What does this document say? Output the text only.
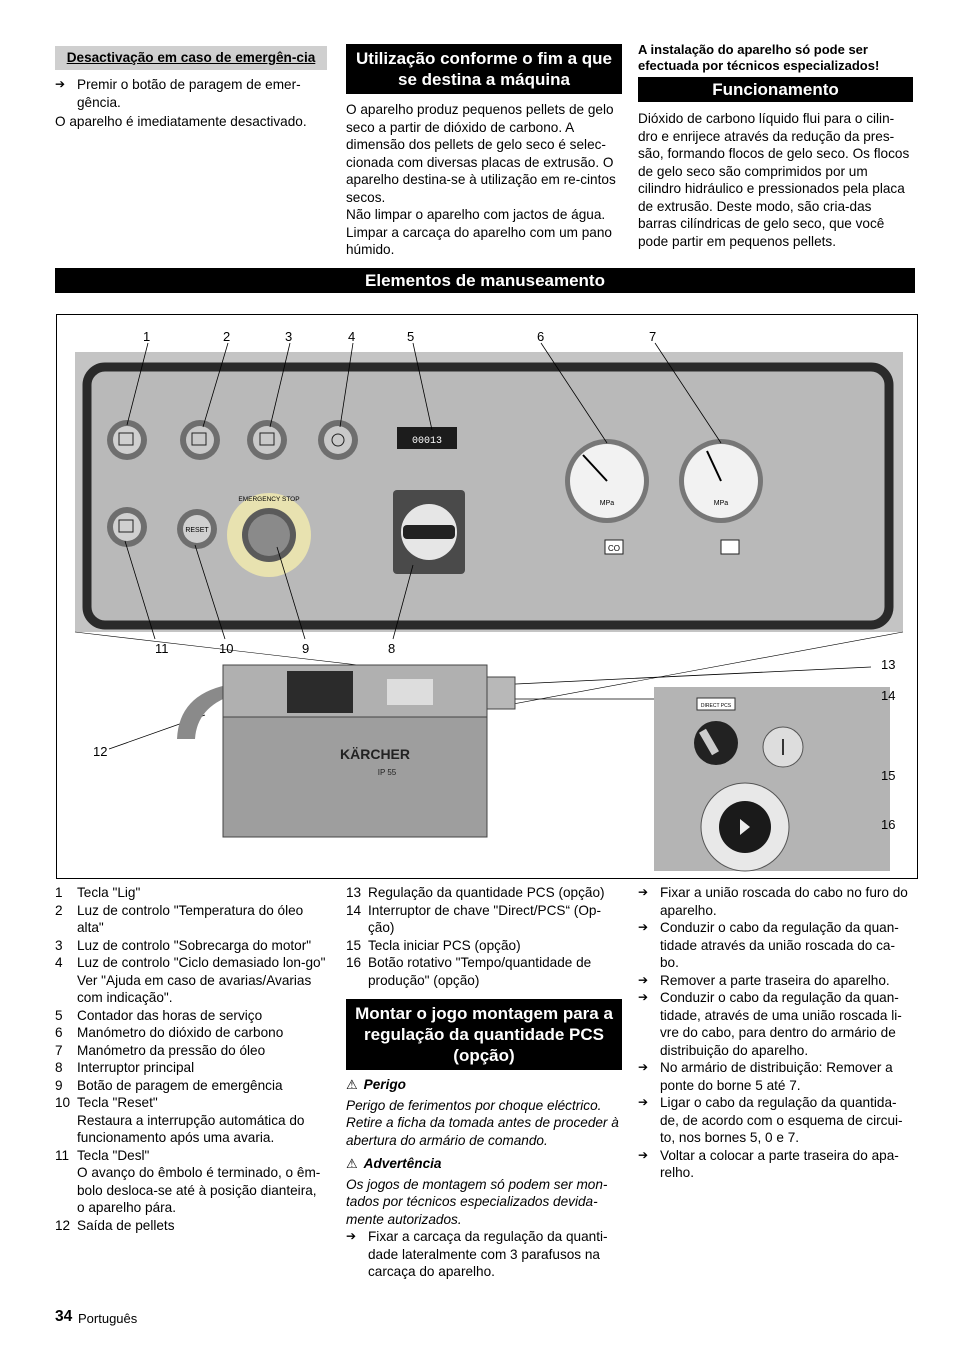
Desactivação em caso de emergên-cia

➔ Premir o botão de paragem de emer-gência.

O aparelho é imediatamente desactivado.

Utilização conforme o fim a que se destina a máquina

O aparelho produz pequenos pellets de gelo seco a partir de dióxido de carbono. A dimensão dos pellets de gelo seco é selec-cionada com diversas placas de extrusão. O aparelho destina-se à utilização em re-cintos secos.

Não limpar o aparelho com jactos de água. Limpar a carcaça do aparelho com um pano húmido.

A instalação do aparelho só pode ser efectuada por técnicos especializados!

Funcionamento

Dióxido de carbono líquido flui para o cilin-dro e enrijece através da redução da pres-são, formando flocos de gelo seco. Os flocos de gelo seco são comprimidos por um cilindro hidráulico e pressionados pela placa de extrusão. Deste modo, são cria-das barras cilíndricas de gelo seco, que você pode partir em pequenos pellets.

Elementos de manuseamento
00013
MPa	MPa
CO
RESET
EMERGENCY STOP
KÄRCHER
IP 55
DIRECT PCS
1	2	3	4	5	6	7
11	10	9	8
12
13
14
15
16
1 Tecla "Lig"
2 Luz de controlo "Temperatura do óleo alta"
3 Luz de controlo "Sobrecarga do motor"
4 Luz de controlo "Ciclo demasiado lon-go"
Ver "Ajuda em caso de avarias/Avarias com indicação".
5 Contador das horas de serviço
6 Manómetro do dióxido de carbono
7 Manómetro da pressão do óleo
8 Interruptor principal
9 Botão de paragem de emergência
10 Tecla "Reset"
Restaura a interrupção automática do funcionamento após uma avaria.
11 Tecla "Desl"
O avanço do êmbolo é terminado, o êm-bolo desloca-se até à posição dianteira, o aparelho pára.
12 Saída de pellets
13 Regulação da quantidade PCS (opção)
14 Interruptor de chave "Direct/PCS“ (Op-ção)
15 Tecla iniciar PCS (opção)
16 Botão rotativo "Tempo/quantidade de produção" (opção)
Montar o jogo montagem para a regulação da quantidade PCS (opção)
⚠ Perigo

Perigo de ferimentos por choque eléctrico. Retire a ficha da tomada antes de proceder à abertura do armário de comando.

⚠ Advertência

Os jogos de montagem só podem ser mon-tados por técnicos especializados devida-mente autorizados.

➔ Fixar a carcaça da regulação da quanti-dade lateralmente com 3 parafusos na carcaça do aparelho.

➔ Fixar a união roscada do cabo no furo do aparelho.

➔ Conduzir o cabo da regulação da quan-tidade através da união roscada do ca-bo.

➔ Remover a parte traseira do aparelho.

➔ Conduzir o cabo da regulação da quan-tidade, através de uma união roscada li-vre do cabo, para dentro do armário de distribuição do aparelho.

➔ No armário de distribuição: Remover a ponte do borne 5 até 7.

➔ Ligar o cabo da regulação da quantida-de, de acordo com o esquema de circui-to, nos bornes 5, 0 e 7.

➔ Voltar a colocar a parte traseira do apa-relho.

34 Português
